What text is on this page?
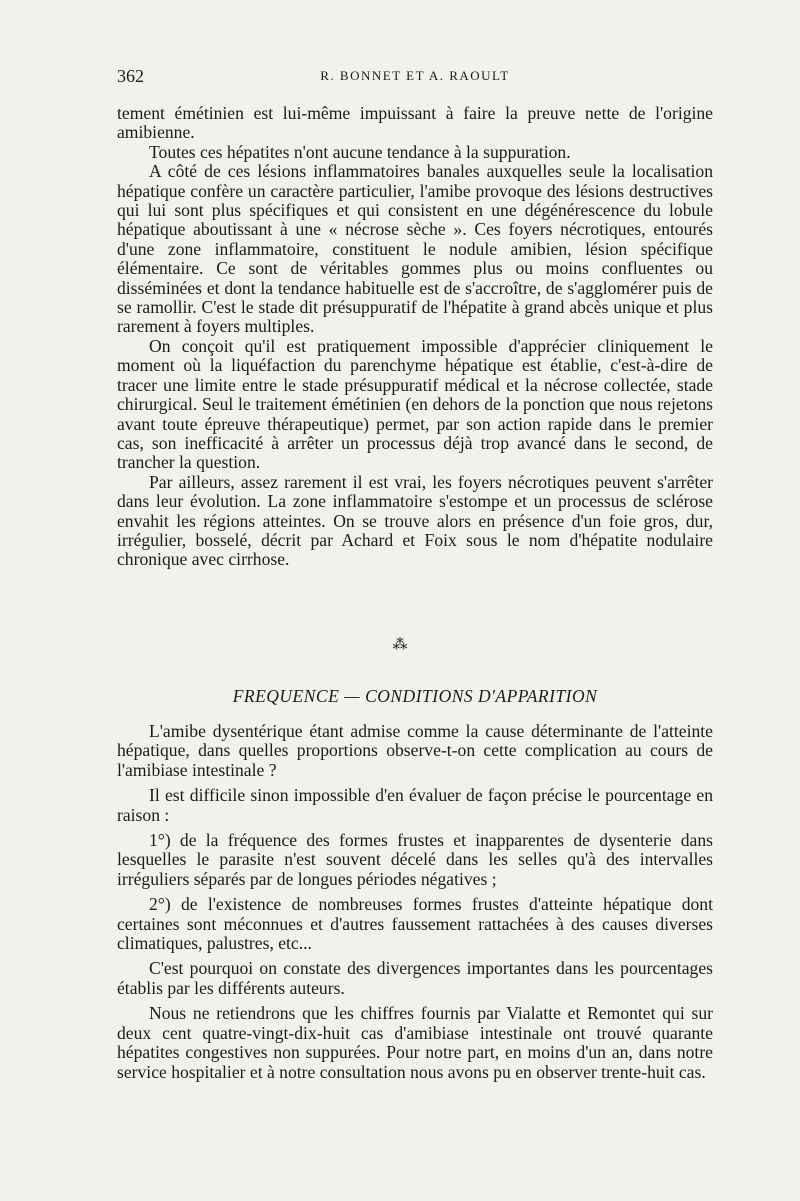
362	R. BONNET ET A. RAOULT

tement émétinien est lui-même impuissant à faire la preuve nette de l'origine amibienne.

Toutes ces hépatites n'ont aucune tendance à la suppuration.

A côté de ces lésions inflammatoires banales auxquelles seule la localisation hépatique confère un caractère particulier, l'amibe provoque des lésions destructives qui lui sont plus spécifiques et qui consistent en une dégénérescence du lobule hépatique aboutissant à une « nécrose sèche ». Ces foyers nécrotiques, entourés d'une zone inflammatoire, constituent le nodule amibien, lésion spécifique élémentaire. Ce sont de véritables gommes plus ou moins confluentes ou disséminées et dont la tendance habituelle est de s'accroître, de s'agglomérer puis de se ramollir. C'est le stade dit présuppuratif de l'hépatite à grand abcès unique et plus rarement à foyers multiples.

On conçoit qu'il est pratiquement impossible d'apprécier cliniquement le moment où la liquéfaction du parenchyme hépatique est établie, c'est-à-dire de tracer une limite entre le stade présuppuratif médical et la nécrose collectée, stade chirurgical. Seul le traitement émétinien (en dehors de la ponction que nous rejetons avant toute épreuve thérapeutique) permet, par son action rapide dans le premier cas, son inefficacité à arrêter un processus déjà trop avancé dans le second, de trancher la question.

Par ailleurs, assez rarement il est vrai, les foyers nécrotiques peuvent s'arrêter dans leur évolution. La zone inflammatoire s'estompe et un processus de sclérose envahit les régions atteintes. On se trouve alors en présence d'un foie gros, dur, irrégulier, bosselé, décrit par Achard et Foix sous le nom d'hépatite nodulaire chronique avec cirrhose.

⁂
FREQUENCE — CONDITIONS D'APPARITION

L'amibe dysentérique étant admise comme la cause déterminante de l'atteinte hépatique, dans quelles proportions observe-t-on cette complication au cours de l'amibiase intestinale ?

Il est difficile sinon impossible d'en évaluer de façon précise le pourcentage en raison :

1°) de la fréquence des formes frustes et inapparentes de dysenterie dans lesquelles le parasite n'est souvent décelé dans les selles qu'à des intervalles irréguliers séparés par de longues périodes négatives ;

2°) de l'existence de nombreuses formes frustes d'atteinte hépatique dont certaines sont méconnues et d'autres faussement rattachées à des causes diverses climatiques, palustres, etc...

C'est pourquoi on constate des divergences importantes dans les pourcentages établis par les différents auteurs.

Nous ne retiendrons que les chiffres fournis par Vialatte et Remontet qui sur deux cent quatre-vingt-dix-huit cas d'amibiase intestinale ont trouvé quarante hépatites congestives non suppurées. Pour notre part, en moins d'un an, dans notre service hospitalier et à notre consultation nous avons pu en observer trente-huit cas.
